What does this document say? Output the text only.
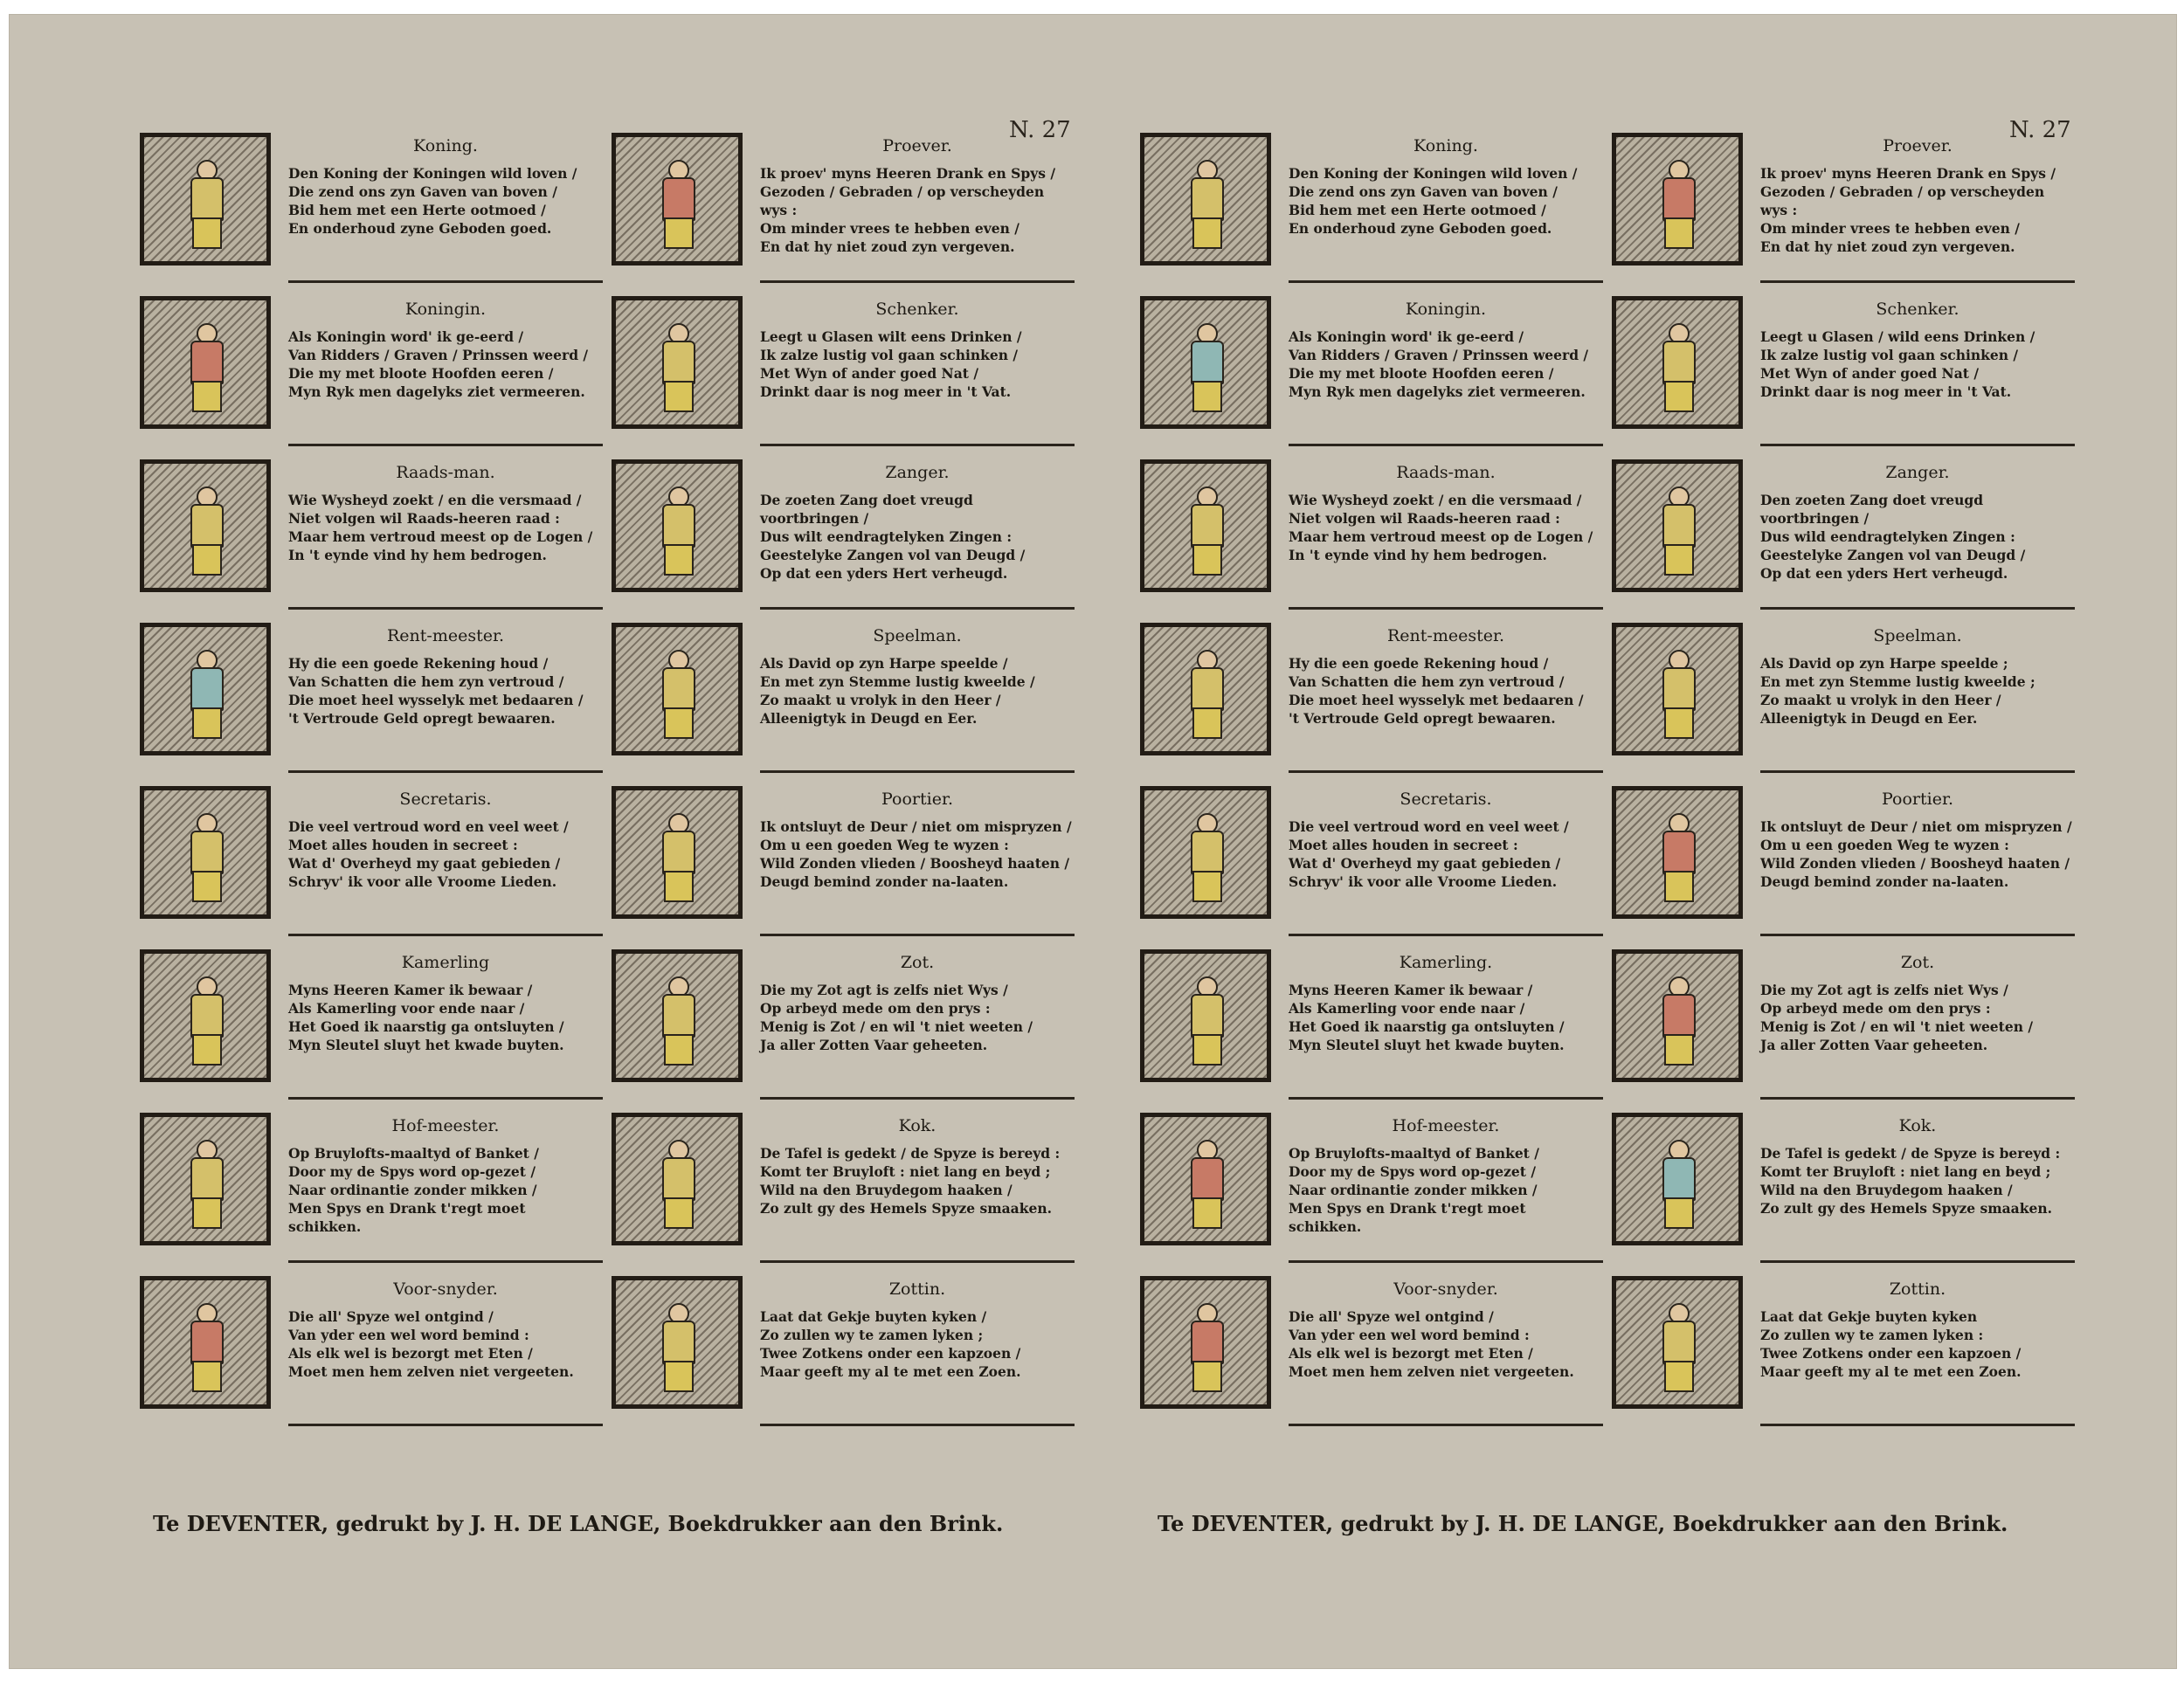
N. 27	N. 27
Koning.
Den Koning der Koningen wild loven /
Die zend ons zyn Gaven van boven /
Bid hem met een Herte ootmoed /
En onderhoud zyne Geboden goed.
Proever.
Ik proev' myns Heeren Drank en Spys /
Gezoden / Gebraden / op verscheyden wys :
Om minder vrees te hebben even /
En dat hy niet zoud zyn vergeven.
Koningin.
Als Koningin word' ik ge-eerd /
Van Ridders / Graven / Prinssen weerd /
Die my met bloote Hoofden eeren /
Myn Ryk men dagelyks ziet vermeeren.
Schenker.
Leegt u Glasen wilt eens Drinken /
Ik zalze lustig vol gaan schinken /
Met Wyn of ander goed Nat /
Drinkt daar is nog meer in 't Vat.
Raads-man.
Wie Wysheyd zoekt / en die versmaad /
Niet volgen wil Raads-heeren raad :
Maar hem vertroud meest op de Logen /
In 't eynde vind hy hem bedrogen.
Zanger.
De zoeten Zang doet vreugd voortbringen /
Dus wilt eendragtelyken Zingen :
Geestelyke Zangen vol van Deugd /
Op dat een yders Hert verheugd.
Rent-meester.
Hy die een goede Rekening houd /
Van Schatten die hem zyn vertroud /
Die moet heel wysselyk met bedaaren /
't Vertroude Geld opregt bewaaren.
Speelman.
Als David op zyn Harpe speelde /
En met zyn Stemme lustig kweelde /
Zo maakt u vrolyk in den Heer /
Alleenigtyk in Deugd en Eer.
Secretaris.
Die veel vertroud word en veel weet /
Moet alles houden in secreet :
Wat d' Overheyd my gaat gebieden /
Schryv' ik voor alle Vroome Lieden.
Poortier.
Ik ontsluyt de Deur / niet om mispryzen /
Om u een goeden Weg te wyzen :
Wild Zonden vlieden / Boosheyd haaten /
Deugd bemind zonder na-laaten.
Kamerling
Myns Heeren Kamer ik bewaar /
Als Kamerling voor ende naar /
Het Goed ik naarstig ga ontsluyten /
Myn Sleutel sluyt het kwade buyten.
Zot.
Die my Zot agt is zelfs niet Wys /
Op arbeyd mede om den prys :
Menig is Zot / en wil 't niet weeten /
Ja aller Zotten Vaar geheeten.
Hof-meester.
Op Bruylofts-maaltyd of Banket /
Door my de Spys word op-gezet /
Naar ordinantie zonder mikken /
Men Spys en Drank t'regt moet schikken.
Kok.
De Tafel is gedekt / de Spyze is bereyd :
Komt ter Bruyloft : niet lang en beyd ;
Wild na den Bruydegom haaken /
Zo zult gy des Hemels Spyze smaaken.
Voor-snyder.
Die all' Spyze wel ontgind /
Van yder een wel word bemind :
Als elk wel is bezorgt met Eten /
Moet men hem zelven niet vergeeten.
Zottin.
Laat dat Gekje buyten kyken /
Zo zullen wy te zamen lyken ;
Twee Zotkens onder een kapzoen /
Maar geeft my al te met een Zoen.
Koning.
Den Koning der Koningen wild loven /
Die zend ons zyn Gaven van boven /
Bid hem met een Herte ootmoed /
En onderhoud zyne Geboden goed.
Proever.
Ik proev' myns Heeren Drank en Spys /
Gezoden / Gebraden / op verscheyden wys :
Om minder vrees te hebben even /
En dat hy niet zoud zyn vergeven.
Koningin.
Als Koningin word' ik ge-eerd /
Van Ridders / Graven / Prinssen weerd /
Die my met bloote Hoofden eeren /
Myn Ryk men dagelyks ziet vermeeren.
Schenker.
Leegt u Glasen / wild eens Drinken /
Ik zalze lustig vol gaan schinken /
Met Wyn of ander goed Nat /
Drinkt daar is nog meer in 't Vat.
Raads-man.
Wie Wysheyd zoekt / en die versmaad /
Niet volgen wil Raads-heeren raad :
Maar hem vertroud meest op de Logen /
In 't eynde vind hy hem bedrogen.
Zanger.
Den zoeten Zang doet vreugd voortbringen /
Dus wild eendragtelyken Zingen :
Geestelyke Zangen vol van Deugd /
Op dat een yders Hert verheugd.
Rent-meester.
Hy die een goede Rekening houd /
Van Schatten die hem zyn vertroud /
Die moet heel wysselyk met bedaaren /
't Vertroude Geld opregt bewaaren.
Speelman.
Als David op zyn Harpe speelde ;
En met zyn Stemme lustig kweelde ;
Zo maakt u vrolyk in den Heer /
Alleenigtyk in Deugd en Eer.
Secretaris.
Die veel vertroud word en veel weet /
Moet alles houden in secreet :
Wat d' Overheyd my gaat gebieden /
Schryv' ik voor alle Vroome Lieden.
Poortier.
Ik ontsluyt de Deur / niet om mispryzen /
Om u een goeden Weg te wyzen :
Wild Zonden vlieden / Boosheyd haaten /
Deugd bemind zonder na-laaten.
Kamerling.
Myns Heeren Kamer ik bewaar /
Als Kamerling voor ende naar /
Het Goed ik naarstig ga ontsluyten /
Myn Sleutel sluyt het kwade buyten.
Zot.
Die my Zot agt is zelfs niet Wys /
Op arbeyd mede om den prys :
Menig is Zot / en wil 't niet weeten /
Ja aller Zotten Vaar geheeten.
Hof-meester.
Op Bruylofts-maaltyd of Banket /
Door my de Spys word op-gezet /
Naar ordinantie zonder mikken /
Men Spys en Drank t'regt moet schikken.
Kok.
De Tafel is gedekt / de Spyze is bereyd :
Komt ter Bruyloft : niet lang en beyd ;
Wild na den Bruydegom haaken /
Zo zult gy des Hemels Spyze smaaken.
Voor-snyder.
Die all' Spyze wel ontgind /
Van yder een wel word bemind :
Als elk wel is bezorgt met Eten /
Moet men hem zelven niet vergeeten.
Zottin.
Laat dat Gekje buyten kyken
Zo zullen wy te zamen lyken :
Twee Zotkens onder een kapzoen /
Maar geeft my al te met een Zoen.
Te DEVENTER, gedrukt by J. H. DE LANGE, Boekdrukker aan den Brink.	Te DEVENTER, gedrukt by J. H. DE LANGE, Boekdrukker aan den Brink.
